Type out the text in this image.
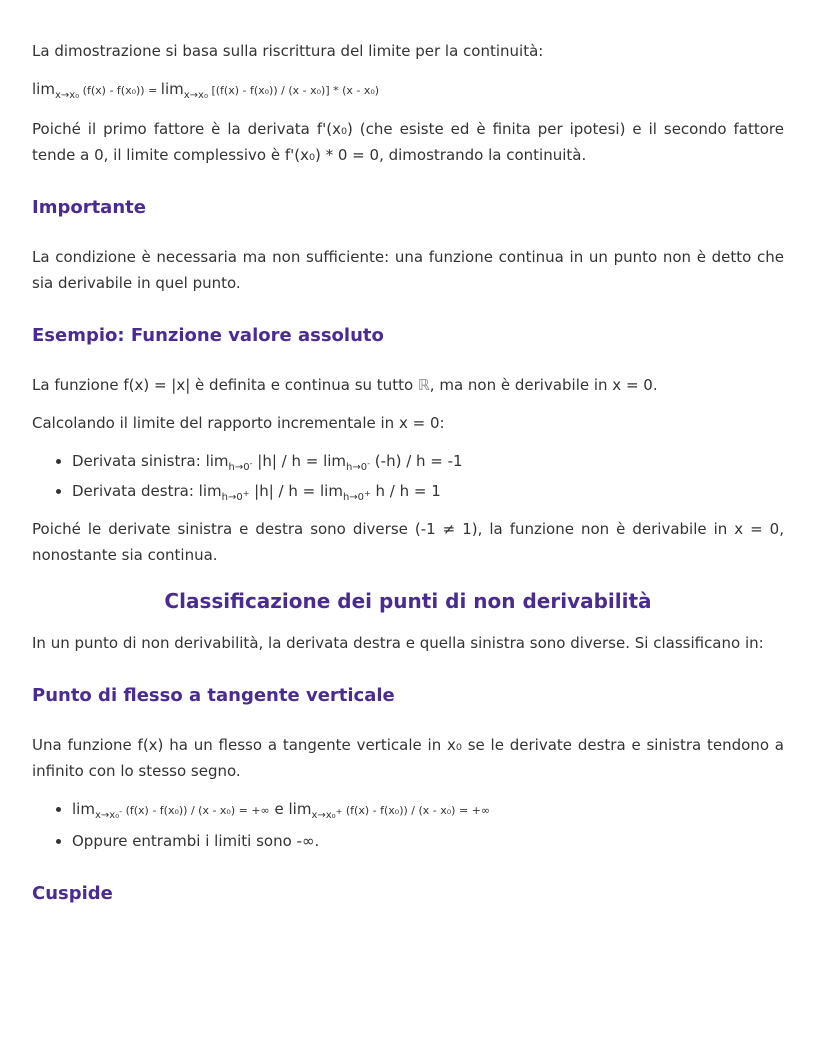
La dimostrazione si basa sulla riscrittura del limite per la continuità:

$\lim_{x\to x_0} (f(x) - f(x_0)) = \lim_{x\to x_0} [(f(x) - f(x_0)) / (x - x_0)] * (x - x_0)$

Poiché il primo fattore è la derivata f'(x₀) (che esiste ed è finita per ipotesi) e il secondo fattore tende a 0, il limite complessivo è f'(x₀) * 0 = 0, dimostrando la continuità.

Importante

La condizione è necessaria ma non sufficiente: una funzione continua in un punto non è detto che sia derivabile in quel punto.

Esempio: Funzione valore assoluto

La funzione f(x) = |x| è definita e continua su tutto ℝ, ma non è derivabile in x = 0.

Calcolando il limite del rapporto incrementale in x = 0:

• Derivata sinistra: $\lim_{h\to 0^-} |h| / h = \lim_{h\to 0^-} (-h) / h = -1$
• Derivata destra: $\lim_{h\to 0^+} |h| / h = \lim_{h\to 0^+} h / h = 1$

Poiché le derivate sinistra e destra sono diverse (-1 ≠ 1), la funzione non è derivabile in x = 0, nonostante sia continua.

Classificazione dei punti di non derivabilità

In un punto di non derivabilità, la derivata destra e quella sinistra sono diverse. Si classificano in:

Punto di flesso a tangente verticale

Una funzione f(x) ha un flesso a tangente verticale in x₀ se le derivate destra e sinistra tendono a infinito con lo stesso segno.

• $\lim_{x\to x_0^-} (f(x) - f(x_0)) / (x - x_0)$ = +∞ e $\lim_{x\to x_0^+} (f(x) - f(x_0)) / (x - x_0)$ = +∞
• Oppure entrambi i limiti sono -∞.
Cuspide
